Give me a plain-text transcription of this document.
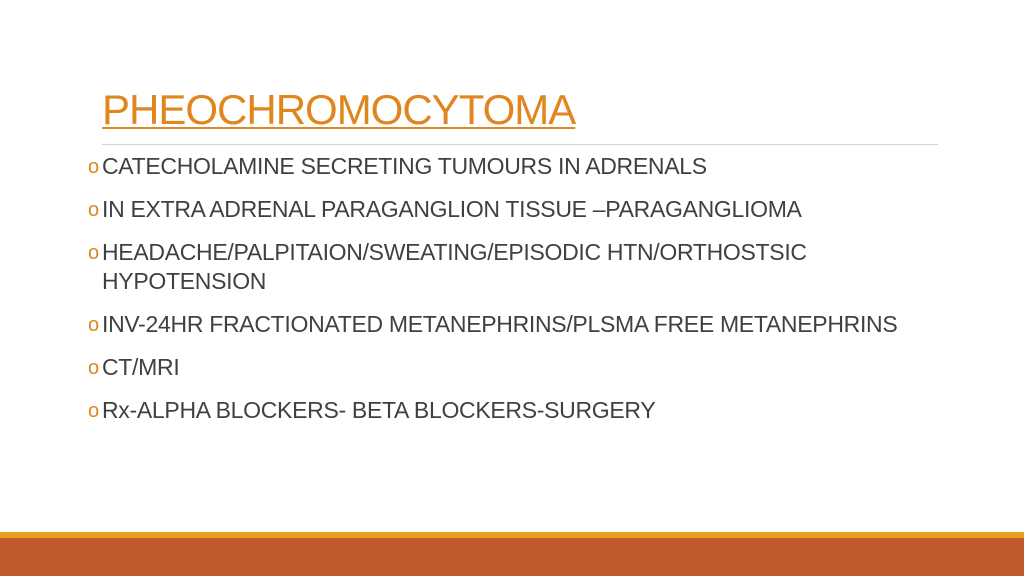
PHEOCHROMOCYTOMA
o CATECHOLAMINE SECRETING TUMOURS IN ADRENALS
o IN EXTRA ADRENAL PARAGANGLION TISSUE –PARAGANGLIOMA
o HEADACHE/PALPITAION/SWEATING/EPISODIC HTN/ORTHOSTSIC HYPOTENSION
o INV-24HR FRACTIONATED METANEPHRINS/PLSMA FREE METANEPHRINS
o CT/MRI
o Rx-ALPHA BLOCKERS- BETA BLOCKERS-SURGERY
